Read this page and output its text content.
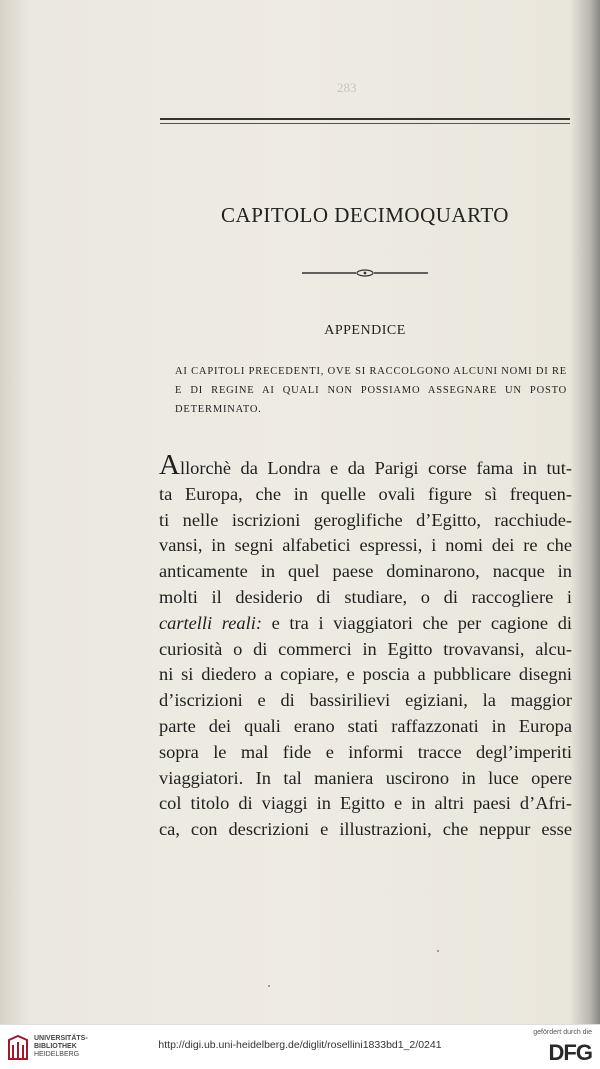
283
CAPITOLO DECIMOQUARTO
APPENDICE
AI CAPITOLI PRECEDENTI, OVE SI RACCOLGONO ALCUNI NOMI DI RE E DI REGINE AI QUALI NON POSSIAMO ASSEGNARE UN POSTO DETERMINATO.
Allorchè da Londra e da Parigi corse fama in tut-
ta Europa, che in quelle ovali figure sì frequen-
ti nelle iscrizioni geroglifiche d’Egitto, racchiude-
vansi, in segni alfabetici espressi, i nomi dei re che
anticamente in quel paese dominarono, nacque in
molti il desiderio di studiare, o di raccogliere i
cartelli reali: e tra i viaggiatori che per cagione di
curiosità o di commerci in Egitto trovavansi, alcu-
ni si diedero a copiare, e poscia a pubblicare disegni
d’iscrizioni e di bassirilievi egiziani, la maggior
parte dei quali erano stati raffazzonati in Europa
sopra le mal fide e informi tracce degl’imperiti
viaggiatori. In tal maniera uscirono in luce opere
col titolo di viaggi in Egitto e in altri paesi d’Afri-
ca, con descrizioni e illustrazioni, che neppur esse
UNIVERSITÄTS-
BIBLIOTHEK
HEIDELBERG
http://digi.ub.uni-heidelberg.de/diglit/rosellini1833bd1_2/0241
gefördert durch die
DFG
